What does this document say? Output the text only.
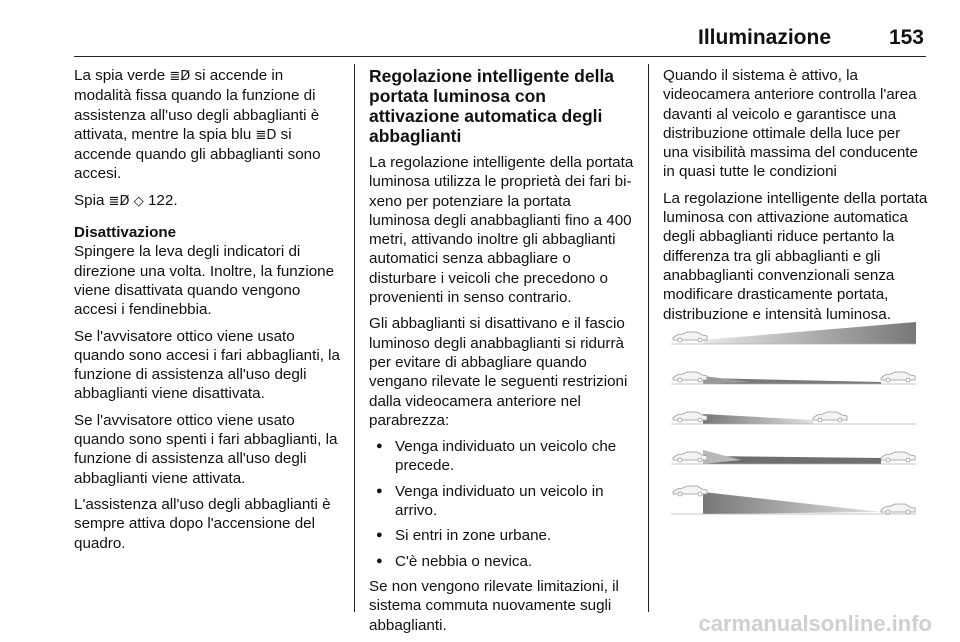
Illuminazione	153

La spia verde ≣D̸ si accende in modalità fissa quando la funzione di assistenza all'uso degli abbaglianti è attivata, mentre la spia blu ≣D si accende quando gli abbaglianti sono accesi.

Spia ≣D̸ ◇ 122.

Disattivazione

Spingere la leva degli indicatori di direzione una volta. Inoltre, la funzione viene disattivata quando vengono accesi i fendinebbia.

Se l'avvisatore ottico viene usato quando sono accesi i fari abbaglianti, la funzione di assistenza all'uso degli abbaglianti viene disattivata.

Se l'avvisatore ottico viene usato quando sono spenti i fari abbaglianti, la funzione di assistenza all'uso degli abbaglianti viene attivata.

L'assistenza all'uso degli abbaglianti è sempre attiva dopo l'accensione del quadro.

Regolazione intelligente della portata luminosa con attivazione automatica degli abbaglianti

La regolazione intelligente della portata luminosa utilizza le proprietà dei fari bi-xeno per potenziare la portata luminosa degli anabbaglianti fino a 400 metri, attivando inoltre gli abbaglianti automatici senza abbagliare o disturbare i veicoli che precedono o provenienti in senso contrario.

Gli abbaglianti si disattivano e il fascio luminoso degli anabbaglianti si ridurrà per evitare di abbagliare quando vengano rilevate le seguenti restrizioni dalla videocamera anteriore nel parabrezza:

● Venga individuato un veicolo che precede.
● Venga individuato un veicolo in arrivo.
● Si entri in zone urbane.
● C'è nebbia o nevica.

Se non vengono rilevate limitazioni, il sistema commuta nuovamente sugli abbaglianti.

Quando il sistema è attivo, la videocamera anteriore controlla l'area davanti al veicolo e garantisce una distribuzione ottimale della luce per una visibilità massima del conducente in quasi tutte le condizioni

La regolazione intelligente della portata luminosa con attivazione automatica degli abbaglianti riduce pertanto la differenza tra gli abbaglianti e gli anabbaglianti convenzionali senza modificare drasticamente portata, distribuzione e intensità luminosa.

carmanualsonline.info
